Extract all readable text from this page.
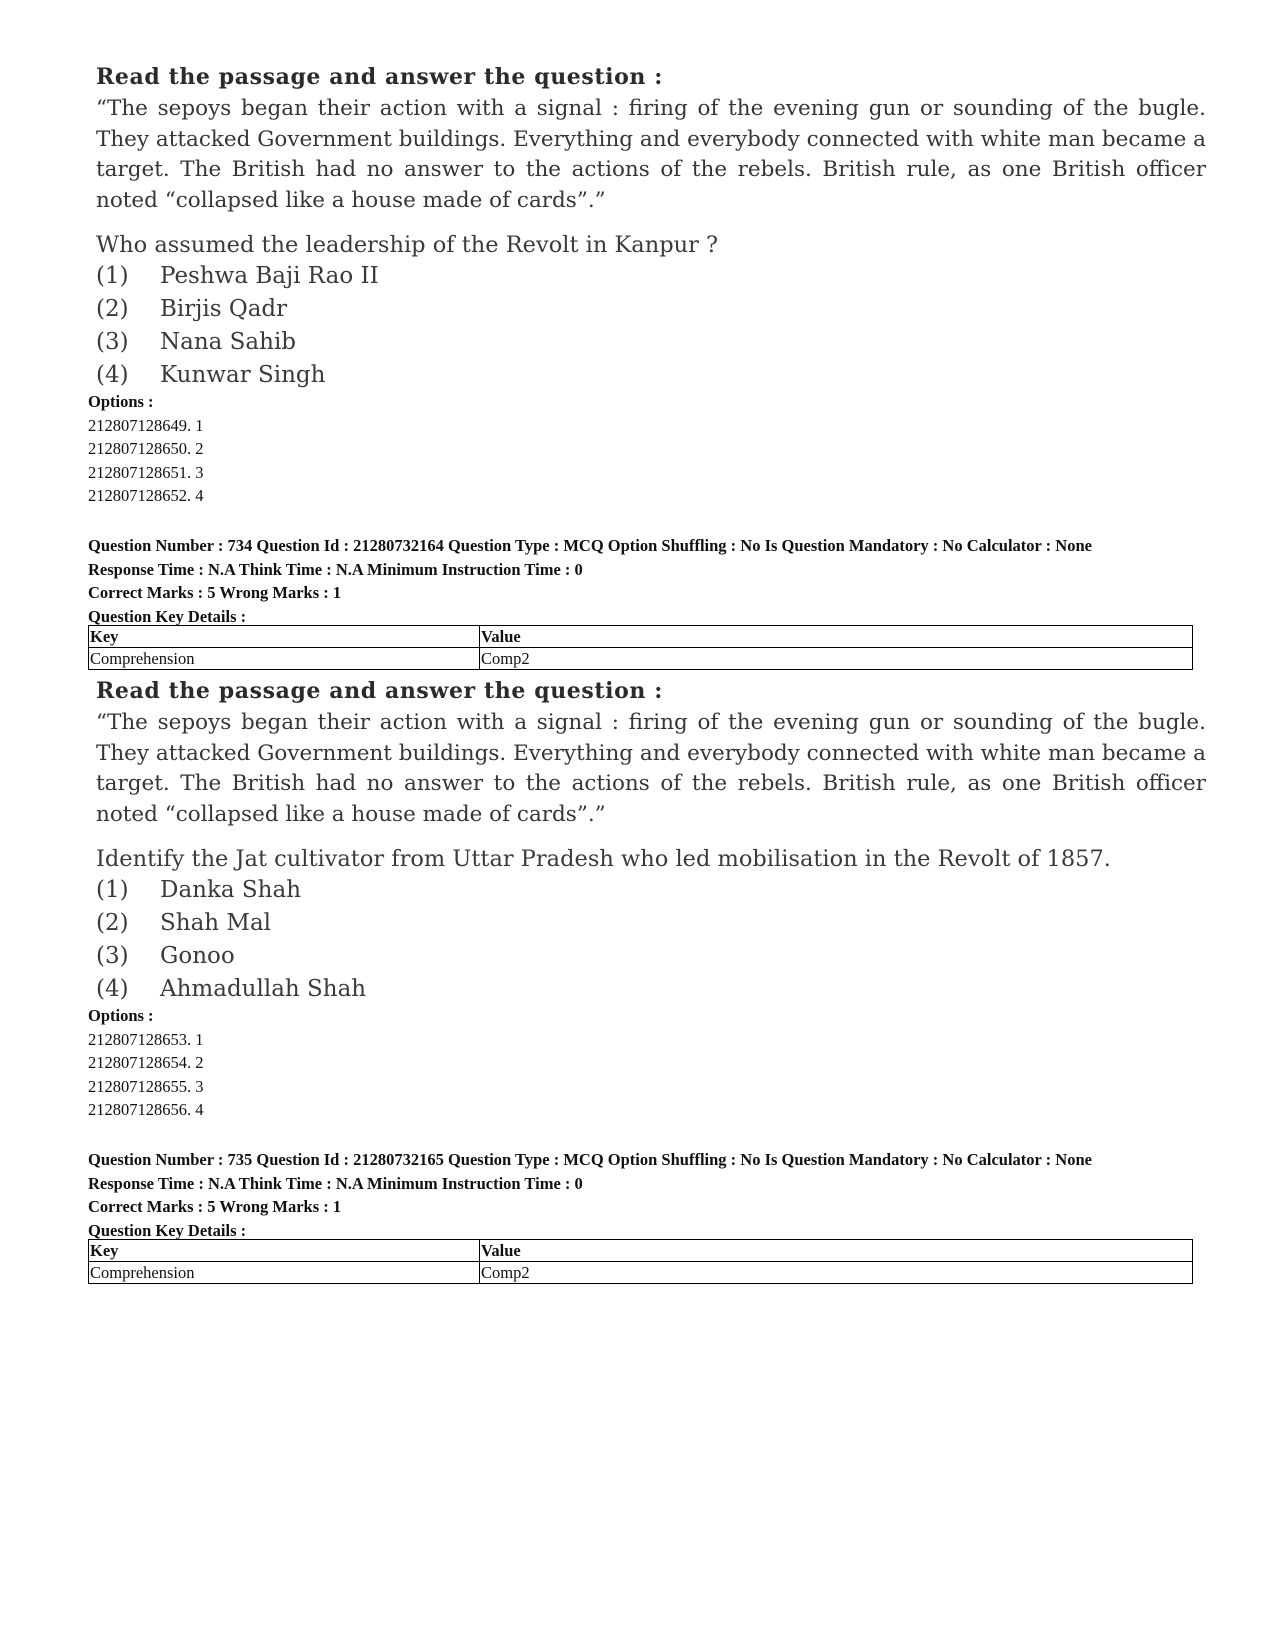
Read the passage and answer the question :

“The sepoys began their action with a signal : firing of the evening gun or sounding of the bugle. They attacked Government buildings. Everything and everybody connected with white man became a target. The British had no answer to the actions of the rebels. British rule, as one British officer noted “collapsed like a house made of cards”.”

Who assumed the leadership of the Revolt in Kanpur ?

(1)	Peshwa Baji Rao II
(2)	Birjis Qadr
(3)	Nana Sahib
(4)	Kunwar Singh
Options :
212807128649. 1
212807128650. 2
212807128651. 3
212807128652. 4
Question Number : 734 Question Id : 21280732164 Question Type : MCQ Option Shuffling : No Is Question Mandatory : No Calculator : None
Response Time : N.A Think Time : N.A Minimum Instruction Time : 0
Correct Marks : 5 Wrong Marks : 1
Question Key Details :
Key	Value
Comprehension	Comp2

Read the passage and answer the question :

“The sepoys began their action with a signal : firing of the evening gun or sounding of the bugle. They attacked Government buildings. Everything and everybody connected with white man became a target. The British had no answer to the actions of the rebels. British rule, as one British officer noted “collapsed like a house made of cards”.”

Identify the Jat cultivator from Uttar Pradesh who led mobilisation in the Revolt of 1857.

(1)	Danka Shah
(2)	Shah Mal
(3)	Gonoo
(4)	Ahmadullah Shah
Options :
212807128653. 1
212807128654. 2
212807128655. 3
212807128656. 4
Question Number : 735 Question Id : 21280732165 Question Type : MCQ Option Shuffling : No Is Question Mandatory : No Calculator : None
Response Time : N.A Think Time : N.A Minimum Instruction Time : 0
Correct Marks : 5 Wrong Marks : 1
Question Key Details :
Key	Value
Comprehension	Comp2
